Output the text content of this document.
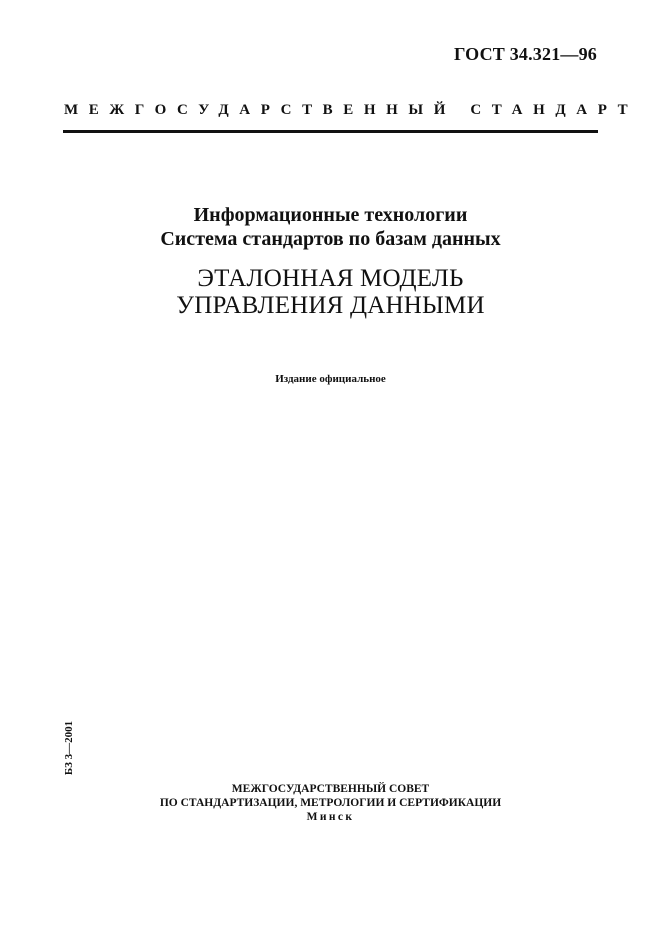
ГОСТ 34.321—96
МЕЖГОСУДАРСТВЕННЫЙ СТАНДАРТ
Информационные технологии
Система стандартов по базам данных
ЭТАЛОННАЯ МОДЕЛЬ
УПРАВЛЕНИЯ ДАННЫМИ
Издание официальное
БЗ 3—2001
МЕЖГОСУДАРСТВЕННЫЙ СОВЕТ
ПО СТАНДАРТИЗАЦИИ, МЕТРОЛОГИИ И СЕРТИФИКАЦИИ
Минск
